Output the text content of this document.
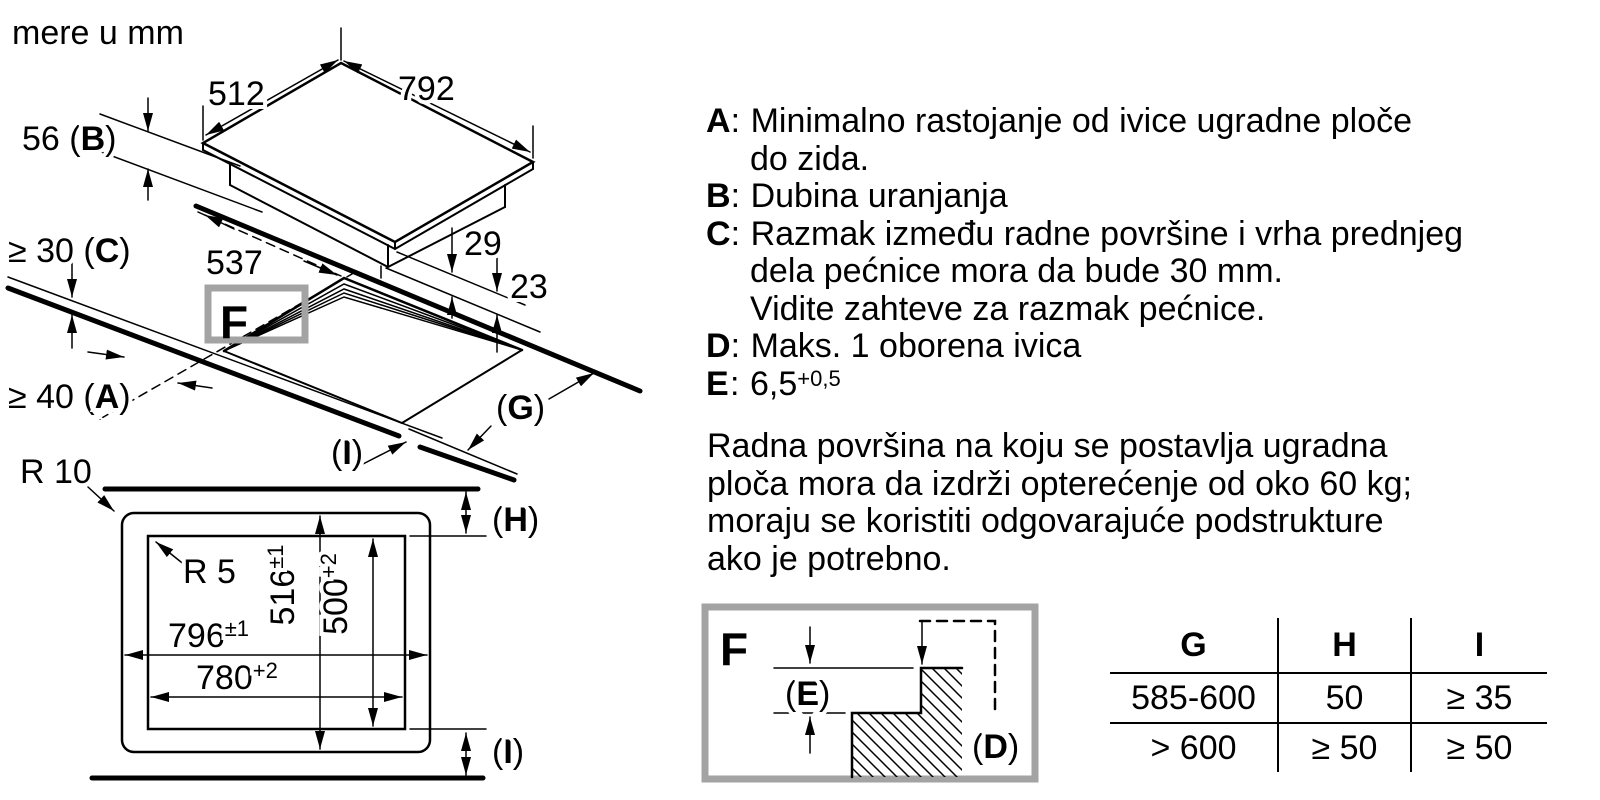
mere u mm
512	792
56 (B)
≥ 30 (C) 537	29
23
≥ 40 (A)	(G)
(I)
F
R 10
R 5 $516^{\pm 1}$
$500^{+2}$
$796^{\pm 1}$
$780^{+2}$
(H)
(I)
A: Minimalno rastojanje od ivice ugradne ploče
do zida.
B: Dubina uranjanja
C: Razmak između radne površine i vrha prednjeg
dela pećnice mora da bude 30 mm.
Vidite zahteve za razmak pećnice.
D: Maks. 1 oborena ivica
E: $6,5^{+0,5}$
Radna površina na koju se postavlja ugradna
ploča mora da izdrži opterećenje od oko 60 kg;
moraju se koristiti odgovarajuće podstrukture
ako je potrebno.
F
(E)
(D)
G	H	I
585-600	50	≥ 35
> 600	≥ 50	≥ 50
